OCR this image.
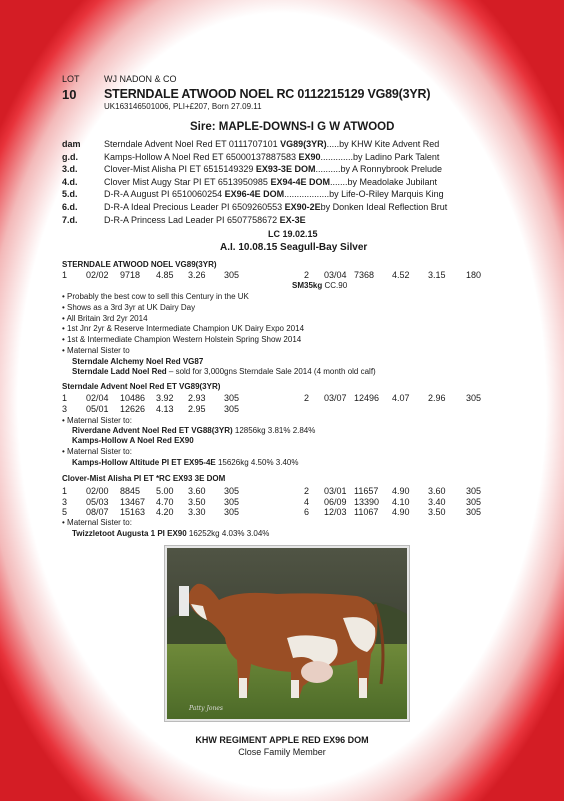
LOT	WJ NADON & CO
10 STERNDALE ATWOOD NOEL RC 0112215129 VG89(3YR)
UK163146501006, PLI+£207, Born 27.09.11
Sire: MAPLE-DOWNS-I G W ATWOOD
dam	Sterndale Advent Noel Red ET 0111707101 VG89(3YR).....by KHW Kite Advent Red
g.d.	Kamps-Hollow A Noel Red ET 65000137887583 EX90.............by Ladino Park Talent
3.d.	Clover-Mist Alisha PI ET 6515149329 EX93-3E DOM..........by A Ronnybrook Prelude
4.d.	Clover Mist Augy Star PI ET 6513950985 EX94-4E DOM.......by Meadolake Jubilant
5.d.	D-R-A August PI 6510060254 EX96-4E DOM..................by Life-O-Riley Marquis King
6.d.	D-R-A Ideal Precious Leader PI 6509260553 EX90-2Eby Donken Ideal Reflection Brut
7.d.	D-R-A Princess Lad Leader PI 6507758672 EX-3E
LC 19.02.15
A.I. 10.08.15 Seagull-Bay Silver
STERNDALE ATWOOD NOEL VG89(3YR)
1 02/02 9718 4.85 3.26 305	2 03/04 7368 4.52 3.15 180
SM35kg CC.90
• Probably the best cow to sell this Century in the UK
• Shows as a 3rd 3yr at UK Dairy Day
• All Britain 3rd 2yr 2014
• 1st Jnr 2yr & Reserve Intermediate Champion UK Dairy Expo 2014
• 1st & Intermediate Champion Western Holstein Spring Show 2014
• Maternal Sister to
Sterndale Alchemy Noel Red VG87
Sterndale Ladd Noel Red – sold for 3,000gns Sterndale Sale 2014 (4 month old calf)
Sterndale Advent Noel Red ET VG89(3YR)
1 02/04 10486 3.92 2.93 305	2 03/07 12496 4.07 2.96 305
3 05/01 12626 4.13 2.95 305
• Maternal Sister to:
Riverdane Advent Noel Red ET VG88(3YR) 12856kg 3.81% 2.84%
Kamps-Hollow A Noel Red EX90
• Maternal Sister to:
Kamps-Hollow Altitude PI ET EX95-4E 15626kg 4.50% 3.40%
Clover-Mist Alisha PI ET *RC EX93 3E DOM
1 02/00 8845 5.00 3.60 305	2 03/01 11657 4.90 3.60 305
3 05/03 13467 4.70 3.50 305	4 06/09 13390 4.10 3.40 305
5 08/07 15163 4.20 3.30 305	6 12/03 11067 4.90 3.50 305
• Maternal Sister to:
Twizzletoot Augusta 1 PI EX90 16252kg 4.03% 3.04%
Patty Jones
KHW REGIMENT APPLE RED EX96 DOM
Close Family Member
